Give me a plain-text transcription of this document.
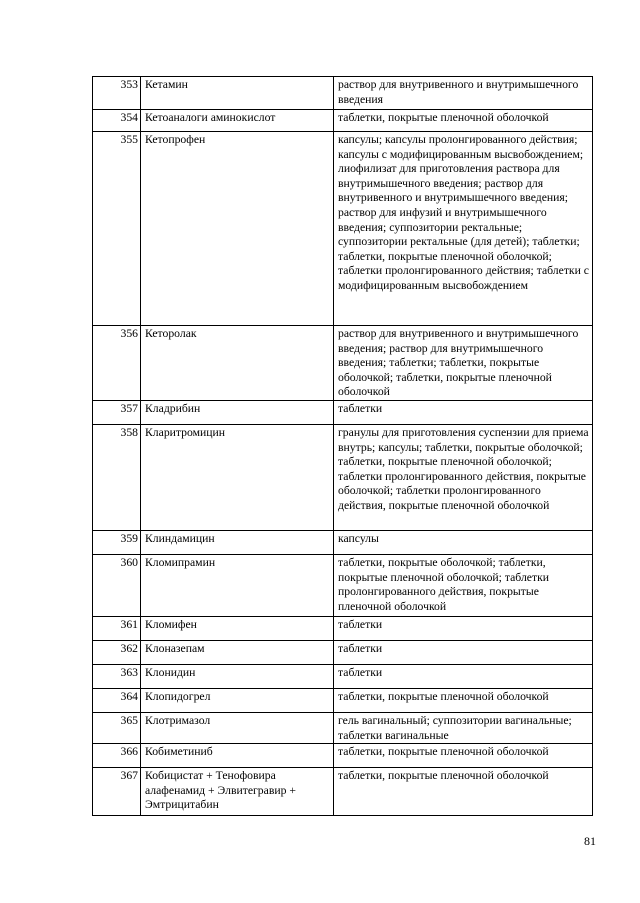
353	Кетамин	раствор для внутривенного и внутримышечного введения
354	Кетоаналоги аминокислот	таблетки, покрытые пленочной оболочкой
355	Кетопрофен	капсулы; капсулы пролонгированного действия; капсулы с модифицированным высвобождением; лиофилизат для приготовления раствора для внутримышечного введения; раствор для внутривенного и внутримышечного введения; раствор для инфузий и внутримышечного введения; суппозитории ректальные; суппозитории ректальные (для детей); таблетки; таблетки, покрытые пленочной оболочкой; таблетки пролонгированного действия; таблетки с модифицированным высвобождением
356	Кеторолак	раствор для внутривенного и внутримышечного введения; раствор для внутримышечного введения; таблетки; таблетки, покрытые оболочкой; таблетки, покрытые пленочной оболочкой
357	Кладрибин	таблетки
358	Кларитромицин	гранулы для приготовления суспензии для приема внутрь; капсулы; таблетки, покрытые оболочкой; таблетки, покрытые пленочной оболочкой; таблетки пролонгированного действия, покрытые оболочкой; таблетки пролонгированного действия, покрытые пленочной оболочкой
359	Клиндамицин	капсулы
360	Кломипрамин	таблетки, покрытые оболочкой; таблетки, покрытые пленочной оболочкой; таблетки пролонгированного действия, покрытые пленочной оболочкой
361	Кломифен	таблетки
362	Клоназепам	таблетки
363	Клонидин	таблетки
364	Клопидогрел	таблетки, покрытые пленочной оболочкой
365	Клотримазол	гель вагинальный; суппозитории вагинальные; таблетки вагинальные
366	Кобиметиниб	таблетки, покрытые пленочной оболочкой
367	Кобицистат + Тенофовира алафенамид + Элвитегравир + Эмтрицитабин	таблетки, покрытые пленочной оболочкой
81
